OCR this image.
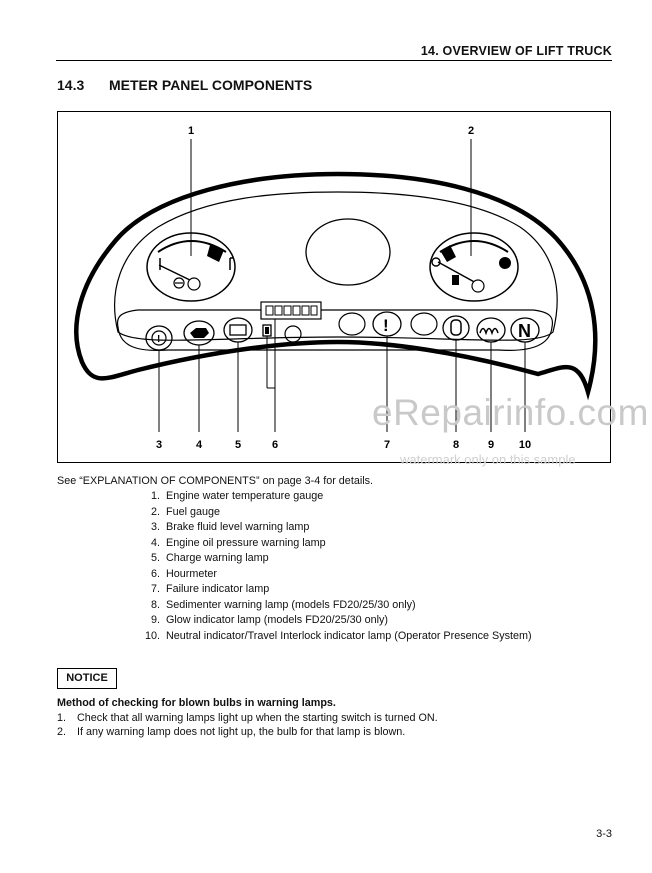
14. OVERVIEW OF LIFT TRUCK
14.3 METER PANEL COMPONENTS
!
!	N
1	2
3	4	5	6	7	8	9 10
eRepairinfo.com
watermark only on this sample
See “EXPLANATION OF COMPONENTS” on page 3-4 for details.
1. Engine water temperature gauge
2. Fuel gauge
3. Brake fluid level warning lamp
4. Engine oil pressure warning lamp
5. Charge warning lamp
6. Hourmeter
7. Failure indicator lamp
8. Sedimenter warning lamp (models FD20/25/30 only)
9. Glow indicator lamp (models FD20/25/30 only)
10. Neutral indicator/Travel Interlock indicator lamp (Operator Presence System)
NOTICE
Method of checking for blown bulbs in warning lamps.
1. Check that all warning lamps light up when the starting switch is turned ON.
2. If any warning lamp does not light up, the bulb for that lamp is blown.
3-3
